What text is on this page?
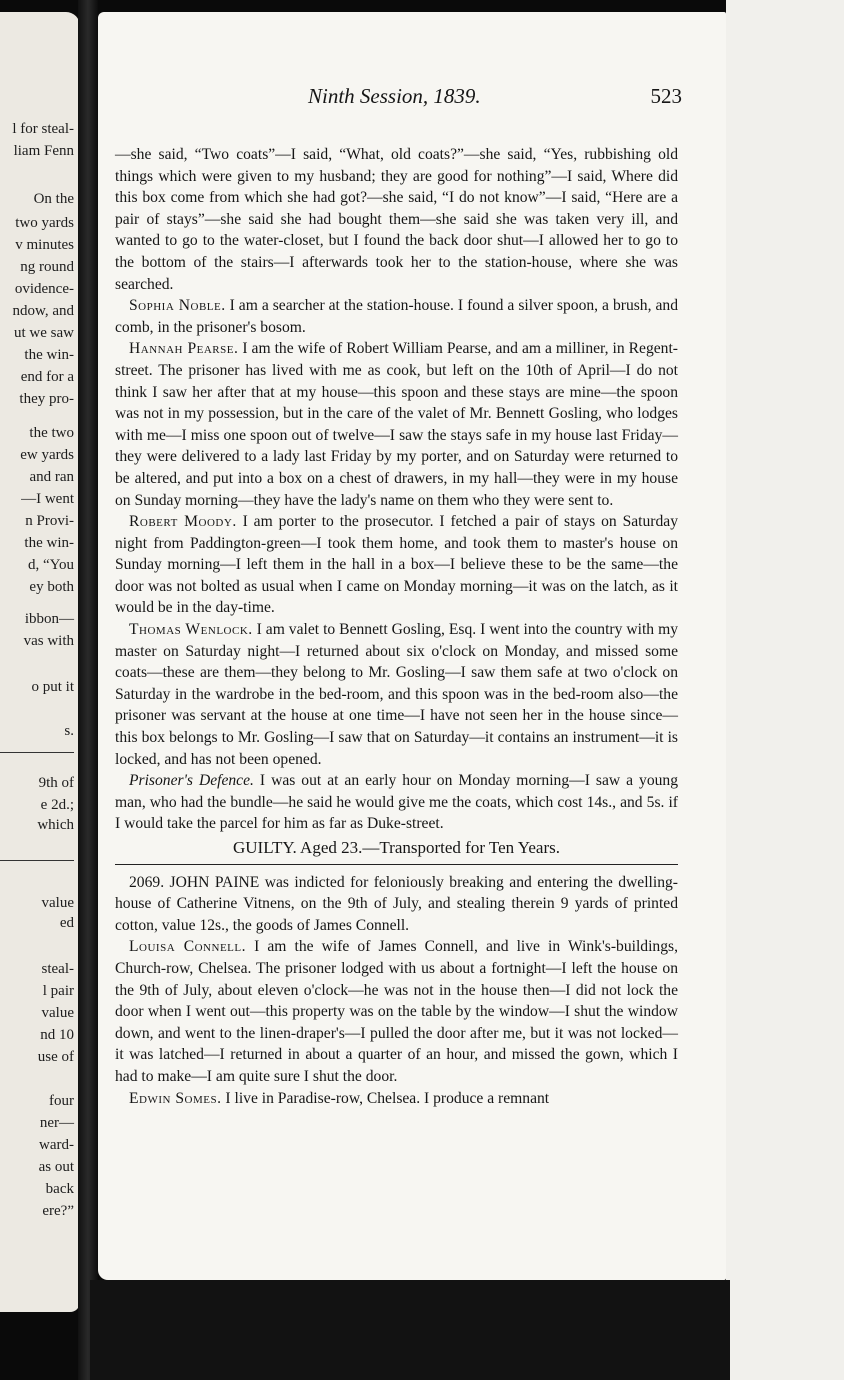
l for steal-
liam Fenn
On the
two yards
v minutes
ng round
ovidence-
ndow, and
ut we saw
the win-
end for a
they pro-
the two
ew yards
and ran
—I went
n Provi-
the win-
d, “You
ey both
ibbon—
vas with
o put it
s.
9th of
e 2d.;
which
value
ed
steal-
l pair
value
nd 10
use of
four
ner—
ward-
as out
back
ere?”
Ninth Session, 1839.	523

—she said, “Two coats”—I said, “What, old coats?”—she said, “Yes, rubbishing old things which were given to my husband; they are good for nothing”—I said, Where did this box come from which she had got?—she said, “I do not know”—I said, “Here are a pair of stays”—she said she had bought them—she said she was taken very ill, and wanted to go to the water-closet, but I found the back door shut—I allowed her to go to the bottom of the stairs—I afterwards took her to the station-house, where she was searched.

Sophia Noble. I am a searcher at the station-house. I found a silver spoon, a brush, and comb, in the prisoner's bosom.

Hannah Pearse. I am the wife of Robert William Pearse, and am a milliner, in Regent-street. The prisoner has lived with me as cook, but left on the 10th of April—I do not think I saw her after that at my house—this spoon and these stays are mine—the spoon was not in my possession, but in the care of the valet of Mr. Bennett Gosling, who lodges with me—I miss one spoon out of twelve—I saw the stays safe in my house last Friday—they were delivered to a lady last Friday by my porter, and on Saturday were returned to be altered, and put into a box on a chest of drawers, in my hall—they were in my house on Sunday morning—they have the lady's name on them who they were sent to.

Robert Moody. I am porter to the prosecutor. I fetched a pair of stays on Saturday night from Paddington-green—I took them home, and took them to master's house on Sunday morning—I left them in the hall in a box—I believe these to be the same—the door was not bolted as usual when I came on Monday morning—it was on the latch, as it would be in the day-time.

Thomas Wenlock. I am valet to Bennett Gosling, Esq. I went into the country with my master on Saturday night—I returned about six o'clock on Monday, and missed some coats—these are them—they belong to Mr. Gosling—I saw them safe at two o'clock on Saturday in the wardrobe in the bed-room, and this spoon was in the bed-room also—the prisoner was servant at the house at one time—I have not seen her in the house since—this box belongs to Mr. Gosling—I saw that on Saturday—it contains an instrument—it is locked, and has not been opened.

Prisoner's Defence. I was out at an early hour on Monday morning—I saw a young man, who had the bundle—he said he would give me the coats, which cost 14s., and 5s. if I would take the parcel for him as far as Duke-street.

GUILTY. Aged 23.—Transported for Ten Years.

2069. JOHN PAINE was indicted for feloniously breaking and entering the dwelling-house of Catherine Vitnens, on the 9th of July, and stealing therein 9 yards of printed cotton, value 12s., the goods of James Connell.

Louisa Connell. I am the wife of James Connell, and live in Wink's-buildings, Church-row, Chelsea. The prisoner lodged with us about a fortnight—I left the house on the 9th of July, about eleven o'clock—he was not in the house then—I did not lock the door when I went out—this property was on the table by the window—I shut the window down, and went to the linen-draper's—I pulled the door after me, but it was not locked—it was latched—I returned in about a quarter of an hour, and missed the gown, which I had to make—I am quite sure I shut the door.

Edwin Somes. I live in Paradise-row, Chelsea. I produce a remnant
